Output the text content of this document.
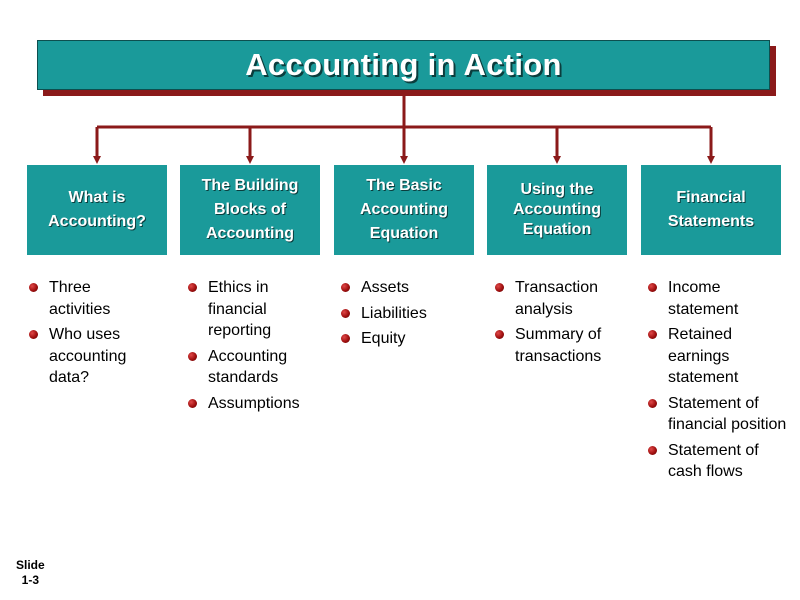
Accounting in Action
What is Accounting?
The Building Blocks of Accounting
The Basic Accounting Equation
Using the Accounting Equation
Financial Statements
Three activities
Who uses accounting data?
Ethics in financial reporting
Accounting standards
Assumptions
Assets
Liabilities
Equity
Transaction analysis
Summary of transactions
Income statement
Retained earnings statement
Statement of financial position
Statement of cash flows
Slide
1-3
